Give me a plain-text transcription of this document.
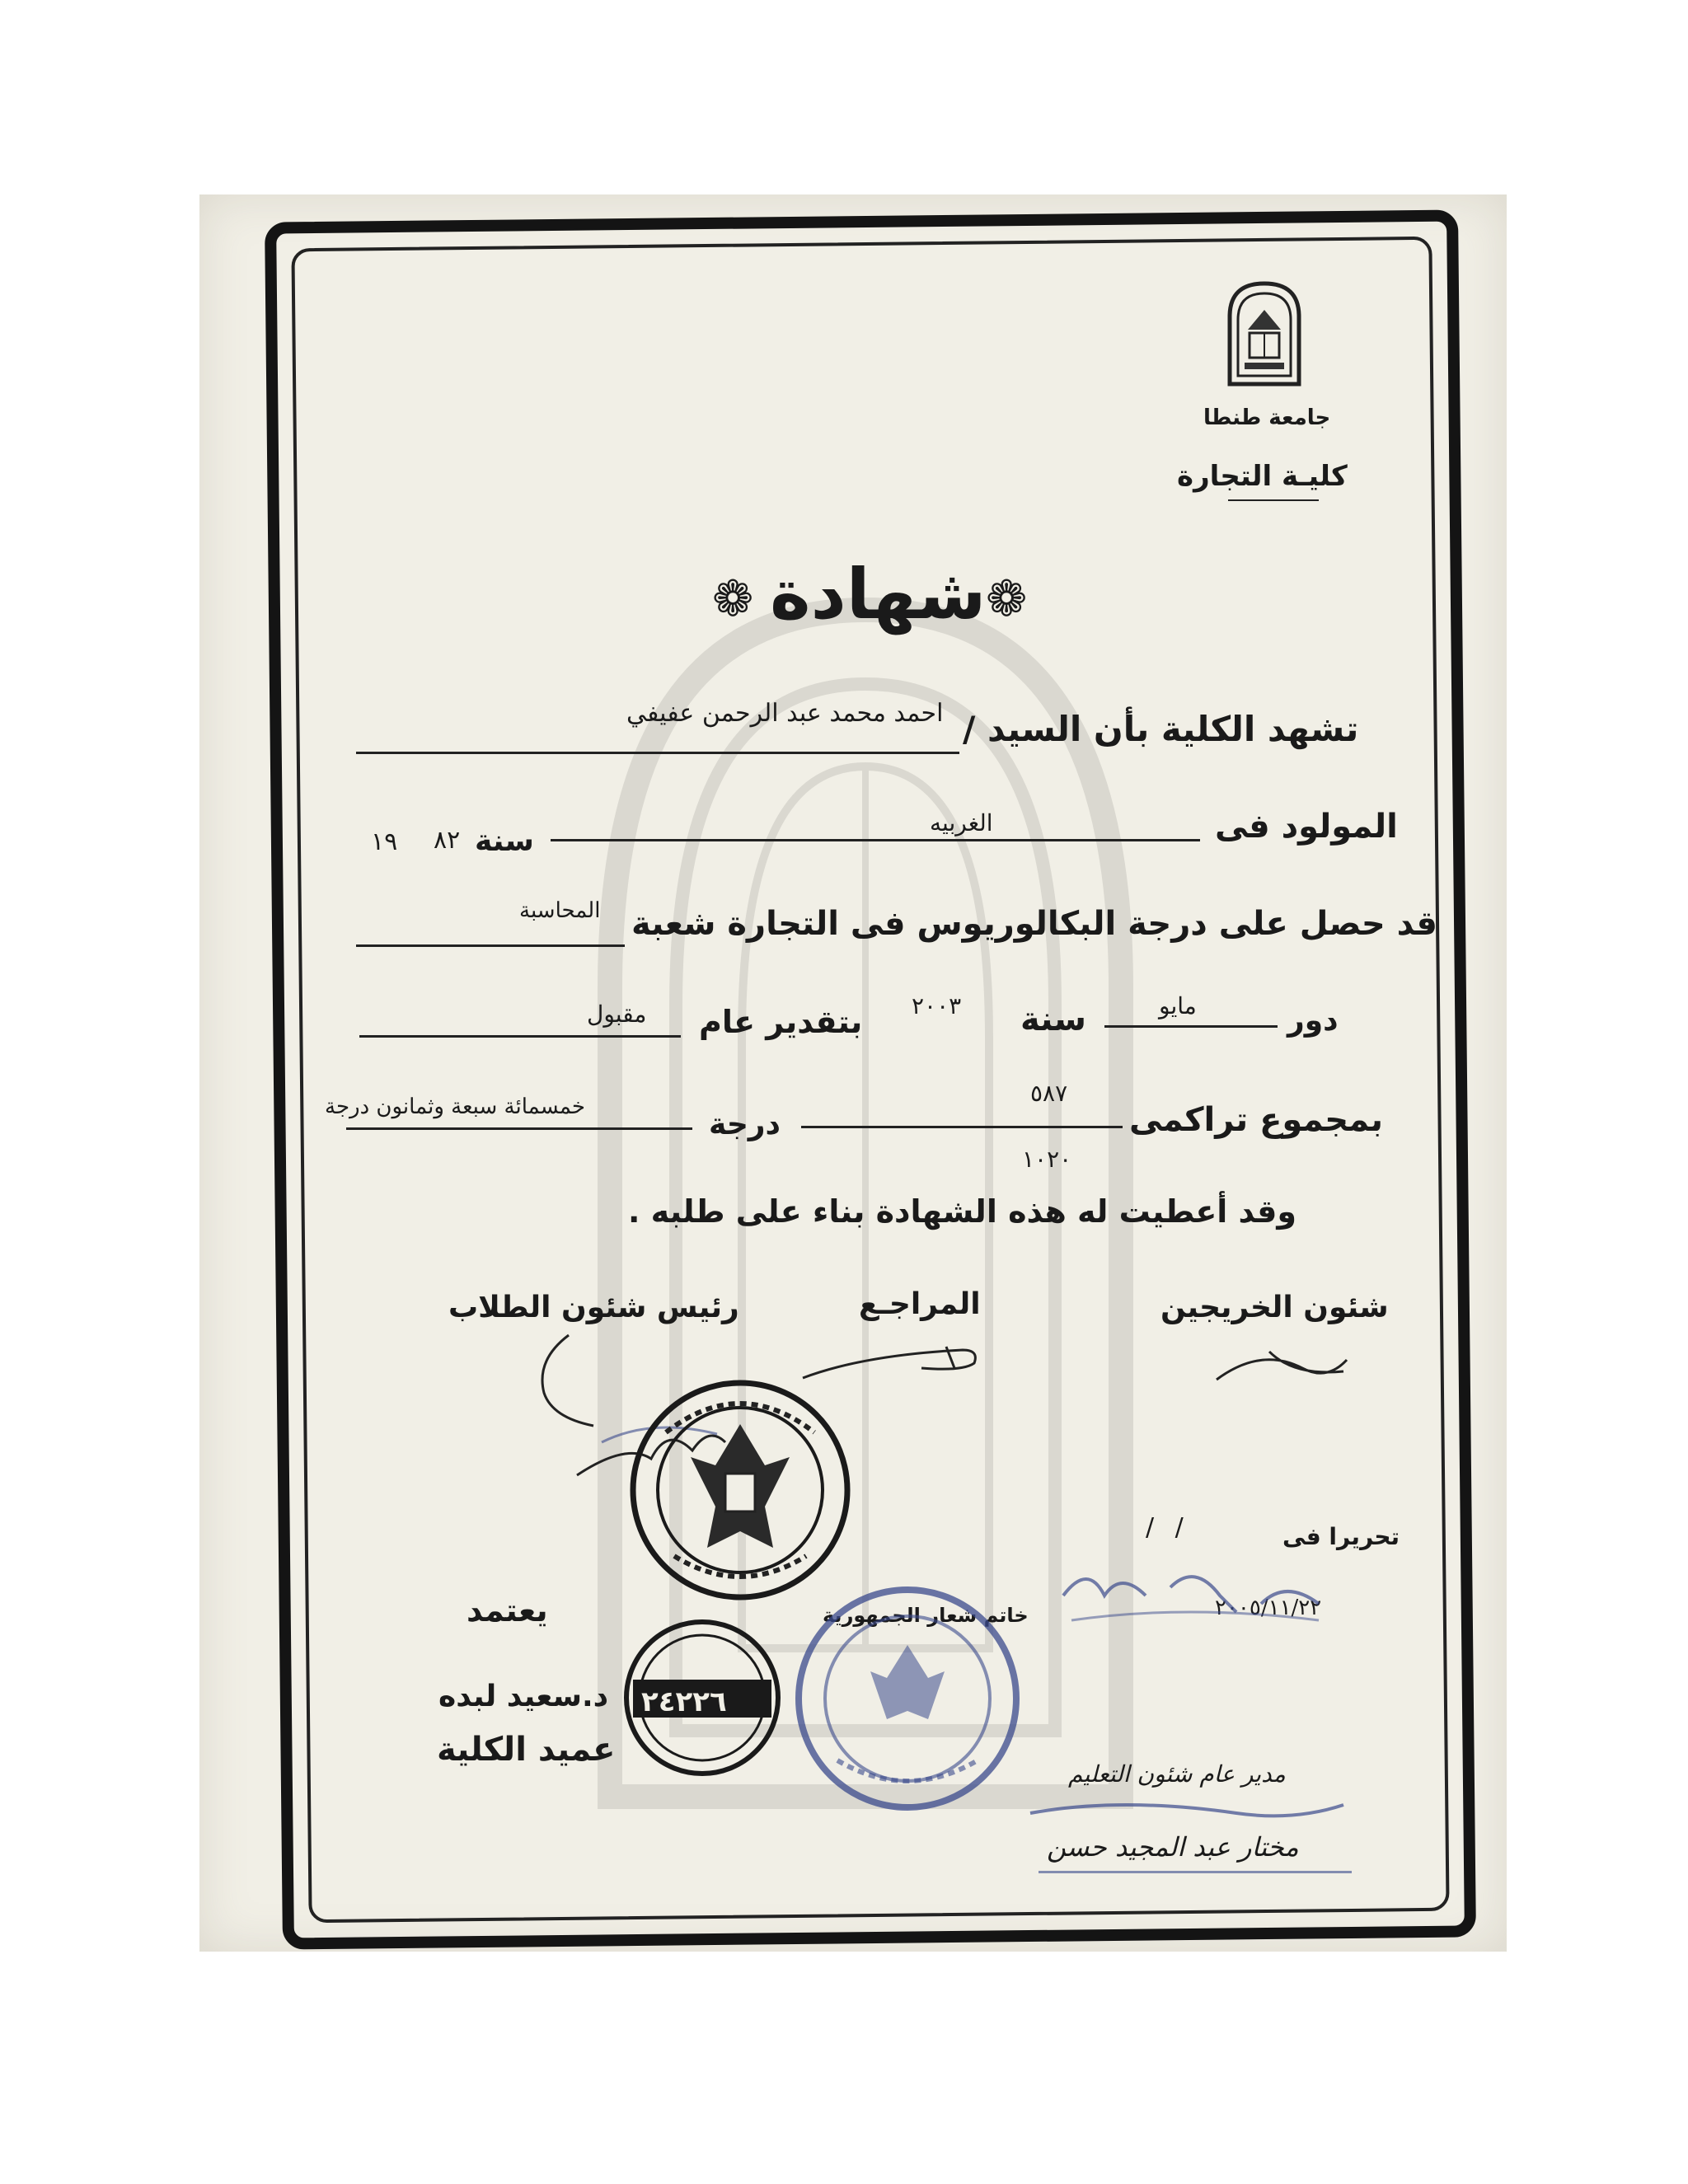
جامعة طنطا
كليـة التجارة
❁ شهادة ❁
تشهد الكلية بأن السيد /
احمد محمد عبد الرحمن عفيفي
المولود فى
الغربيه
سنة
٨٢
١٩
قد حصل على درجة البكالوريوس فى التجارة شعبة
المحاسبة
دور
مايو
سنة
٢٠٠٣
بتقدير عام
مقبول
٥٨٧
بمجموع تراكمى
١٠٢٠
درجة
خمسمائة سبعة وثمانون درجة
وقد أعطيت له هذه الشهادة بناء على طلبه .
شئون الخريجين
المراجـع
رئيس شئون الطلاب
تحريرا فى
/ /
٢٠٠٥/١١/٢٢
خاتم شعار الجمهورية
٢٤٢٢٦
يعتمد
د.سعيد لبده
عميد الكلية
مدير عام شئون التعليم
مختار عبد المجيد حسن
